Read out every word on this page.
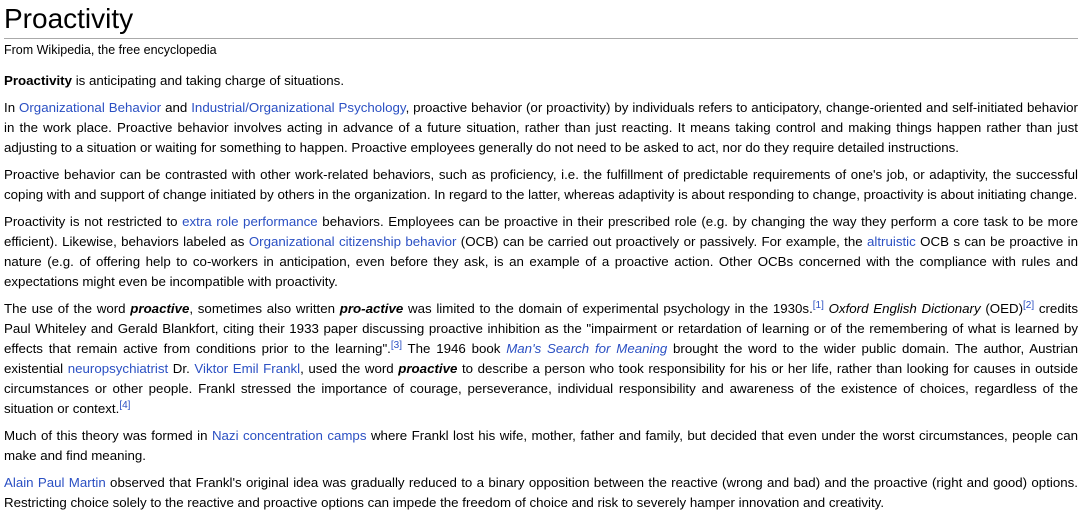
Proactivity
From Wikipedia, the free encyclopedia

Proactivity is anticipating and taking charge of situations.

In Organizational Behavior and Industrial/Organizational Psychology, proactive behavior (or proactivity) by individuals refers to anticipatory, change-oriented and self-initiated behavior in the work place. Proactive behavior involves acting in advance of a future situation, rather than just reacting. It means taking control and making things happen rather than just adjusting to a situation or waiting for something to happen. Proactive employees generally do not need to be asked to act, nor do they require detailed instructions.

Proactive behavior can be contrasted with other work-related behaviors, such as proficiency, i.e. the fulfillment of predictable requirements of one's job, or adaptivity, the successful coping with and support of change initiated by others in the organization. In regard to the latter, whereas adaptivity is about responding to change, proactivity is about initiating change.

Proactivity is not restricted to extra role performance behaviors. Employees can be proactive in their prescribed role (e.g. by changing the way they perform a core task to be more efficient). Likewise, behaviors labeled as Organizational citizenship behavior (OCB) can be carried out proactively or passively. For example, the altruistic OCB s can be proactive in nature (e.g. of offering help to co-workers in anticipation, even before they ask, is an example of a proactive action. Other OCBs concerned with the compliance with rules and expectations might even be incompatible with proactivity.

The use of the word proactive, sometimes also written pro-active was limited to the domain of experimental psychology in the 1930s.[1] Oxford English Dictionary (OED)[2] credits Paul Whiteley and Gerald Blankfort, citing their 1933 paper discussing proactive inhibition as the "impairment or retardation of learning or of the remembering of what is learned by effects that remain active from conditions prior to the learning".[3] The 1946 book Man's Search for Meaning brought the word to the wider public domain. The author, Austrian existential neuropsychiatrist Dr. Viktor Emil Frankl, used the word proactive to describe a person who took responsibility for his or her life, rather than looking for causes in outside circumstances or other people. Frankl stressed the importance of courage, perseverance, individual responsibility and awareness of the existence of choices, regardless of the situation or context.[4]

Much of this theory was formed in Nazi concentration camps where Frankl lost his wife, mother, father and family, but decided that even under the worst circumstances, people can make and find meaning.

Alain Paul Martin observed that Frankl's original idea was gradually reduced to a binary opposition between the reactive (wrong and bad) and the proactive (right and good) options. Restricting choice solely to the reactive and proactive options can impede the freedom of choice and risk to severely hamper innovation and creativity.
